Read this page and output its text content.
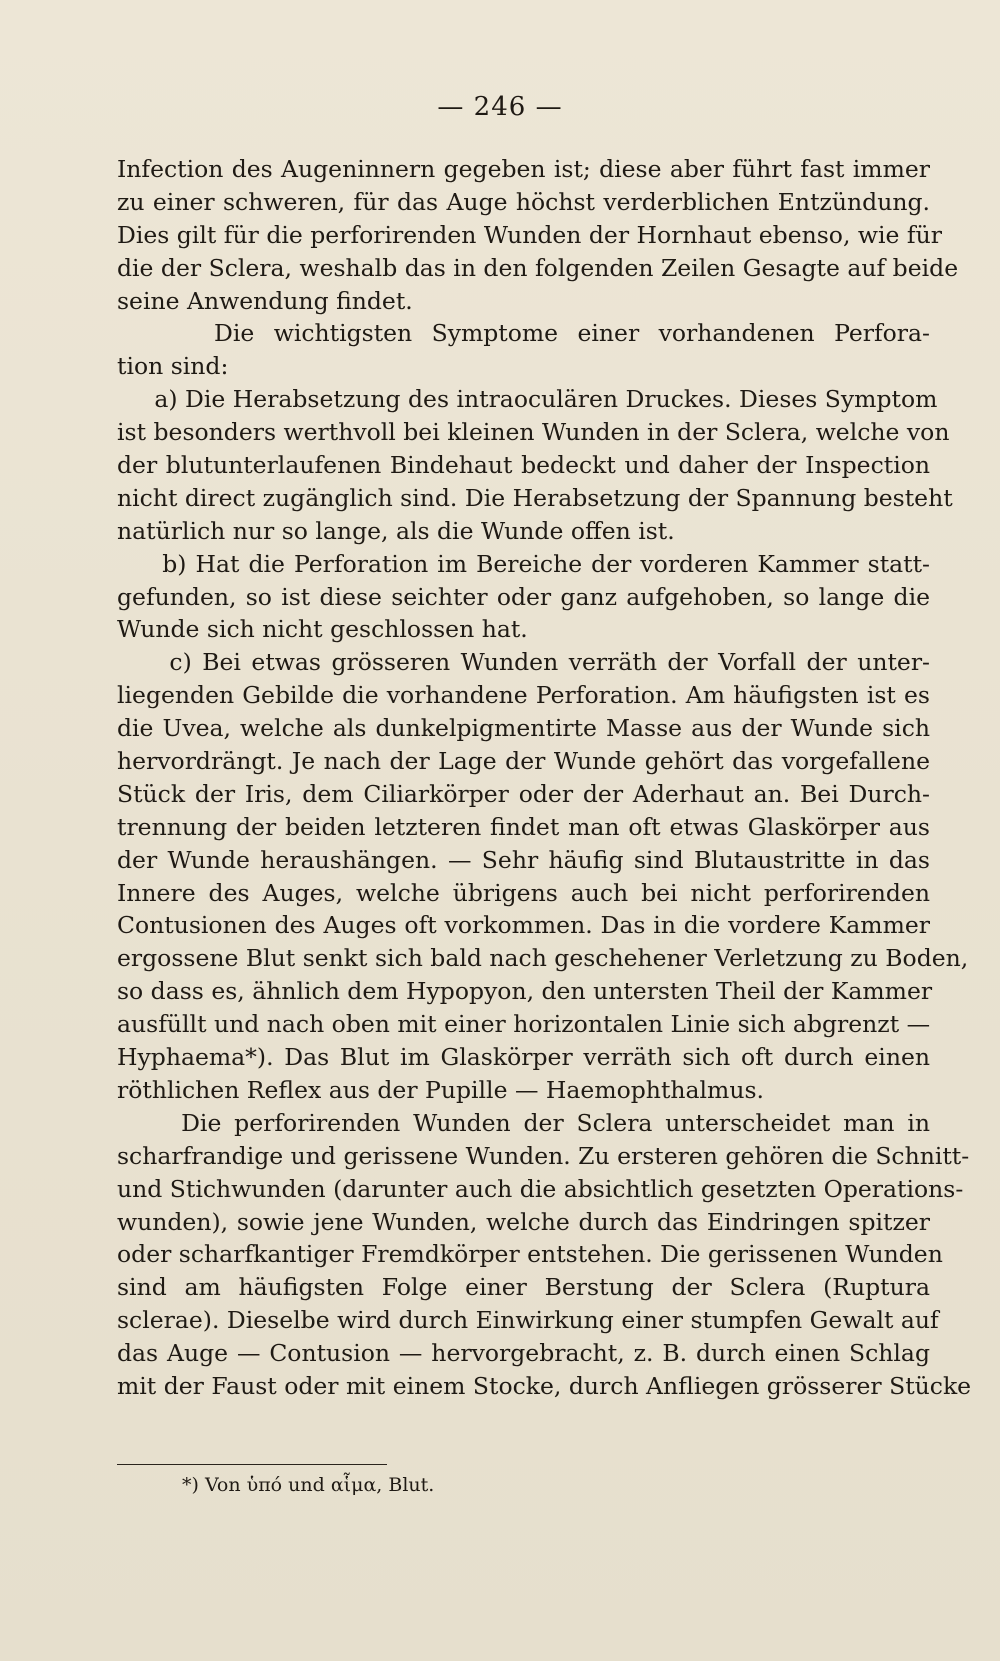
— 246 —
Infection des Augeninnern gegeben ist; diese aber führt fast immer
zu einer schweren, für das Auge höchst verderblichen Entzündung.
Dies gilt für die perforirenden Wunden der Hornhaut ebenso, wie für
die der Sclera, weshalb das in den folgenden Zeilen Gesagte auf beide
seine Anwendung findet.
Die wichtigsten Symptome einer vorhandenen Perfora-
tion sind:
a) Die Herabsetzung des intraoculären Druckes. Dieses Symptom
ist besonders werthvoll bei kleinen Wunden in der Sclera, welche von
der blutunterlaufenen Bindehaut bedeckt und daher der Inspection
nicht direct zugänglich sind. Die Herabsetzung der Spannung besteht
natürlich nur so lange, als die Wunde offen ist.
b) Hat die Perforation im Bereiche der vorderen Kammer statt-
gefunden, so ist diese seichter oder ganz aufgehoben, so lange die
Wunde sich nicht geschlossen hat.
c) Bei etwas grösseren Wunden verräth der Vorfall der unter-
liegenden Gebilde die vorhandene Perforation. Am häufigsten ist es
die Uvea, welche als dunkelpigmentirte Masse aus der Wunde sich
hervordrängt. Je nach der Lage der Wunde gehört das vorgefallene
Stück der Iris, dem Ciliarkörper oder der Aderhaut an. Bei Durch-
trennung der beiden letzteren findet man oft etwas Glaskörper aus
der Wunde heraushängen. — Sehr häufig sind Blutaustritte in das
Innere des Auges, welche übrigens auch bei nicht perforirenden
Contusionen des Auges oft vorkommen. Das in die vordere Kammer
ergossene Blut senkt sich bald nach geschehener Verletzung zu Boden,
so dass es, ähnlich dem Hypopyon, den untersten Theil der Kammer
ausfüllt und nach oben mit einer horizontalen Linie sich abgrenzt —
Hyphaema*). Das Blut im Glaskörper verräth sich oft durch einen
röthlichen Reflex aus der Pupille — Haemophthalmus.
Die perforirenden Wunden der Sclera unterscheidet man in
scharfrandige und gerissene Wunden. Zu ersteren gehören die Schnitt-
und Stichwunden (darunter auch die absichtlich gesetzten Operations-
wunden), sowie jene Wunden, welche durch das Eindringen spitzer
oder scharfkantiger Fremdkörper entstehen. Die gerissenen Wunden
sind am häufigsten Folge einer Berstung der Sclera (Ruptura
sclerae). Dieselbe wird durch Einwirkung einer stumpfen Gewalt auf
das Auge — Contusion — hervorgebracht, z. B. durch einen Schlag
mit der Faust oder mit einem Stocke, durch Anfliegen grösserer Stücke
*) Von ὑπό und αἷμα, Blut.
